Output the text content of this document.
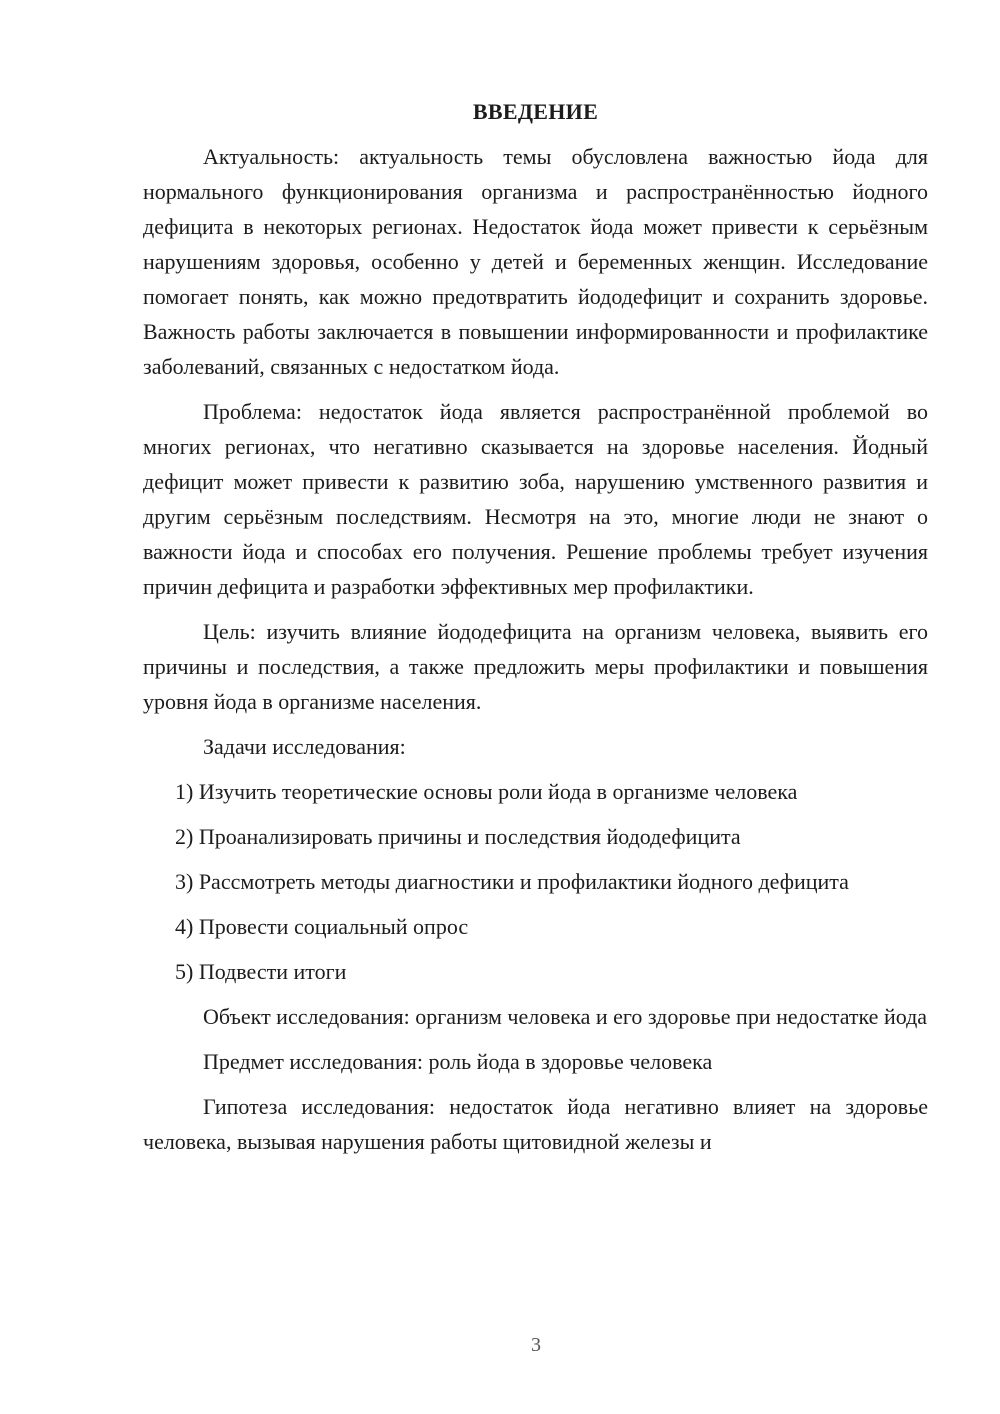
ВВЕДЕНИЕ

Актуальность: актуальность темы обусловлена важностью йода для нормального функционирования организма и распространённостью йодного дефицита в некоторых регионах. Недостаток йода может привести к серьёзным нарушениям здоровья, особенно у детей и беременных женщин. Исследование помогает понять, как можно предотвратить йододефицит и сохранить здоровье. Важность работы заключается в повышении информированности и профилактике заболеваний, связанных с недостатком йода.

Проблема: недостаток йода является распространённой проблемой во многих регионах, что негативно сказывается на здоровье населения. Йодный дефицит может привести к развитию зоба, нарушению умственного развития и другим серьёзным последствиям. Несмотря на это, многие люди не знают о важности йода и способах его получения. Решение проблемы требует изучения причин дефицита и разработки эффективных мер профилактики.

Цель: изучить влияние йододефицита на организм человека, выявить его причины и последствия, а также предложить меры профилактики и повышения уровня йода в организме населения.

Задачи исследования:

1) Изучить теоретические основы роли йода в организме человека

2) Проанализировать причины и последствия йододефицита

3) Рассмотреть методы диагностики и профилактики йодного дефицита

4) Провести социальный опрос

5) Подвести итоги

Объект исследования: организм человека и его здоровье при недостатке йода

Предмет исследования: роль йода в здоровье человека

Гипотеза исследования: недостаток йода негативно влияет на здоровье человека, вызывая нарушения работы щитовидной железы и

3
